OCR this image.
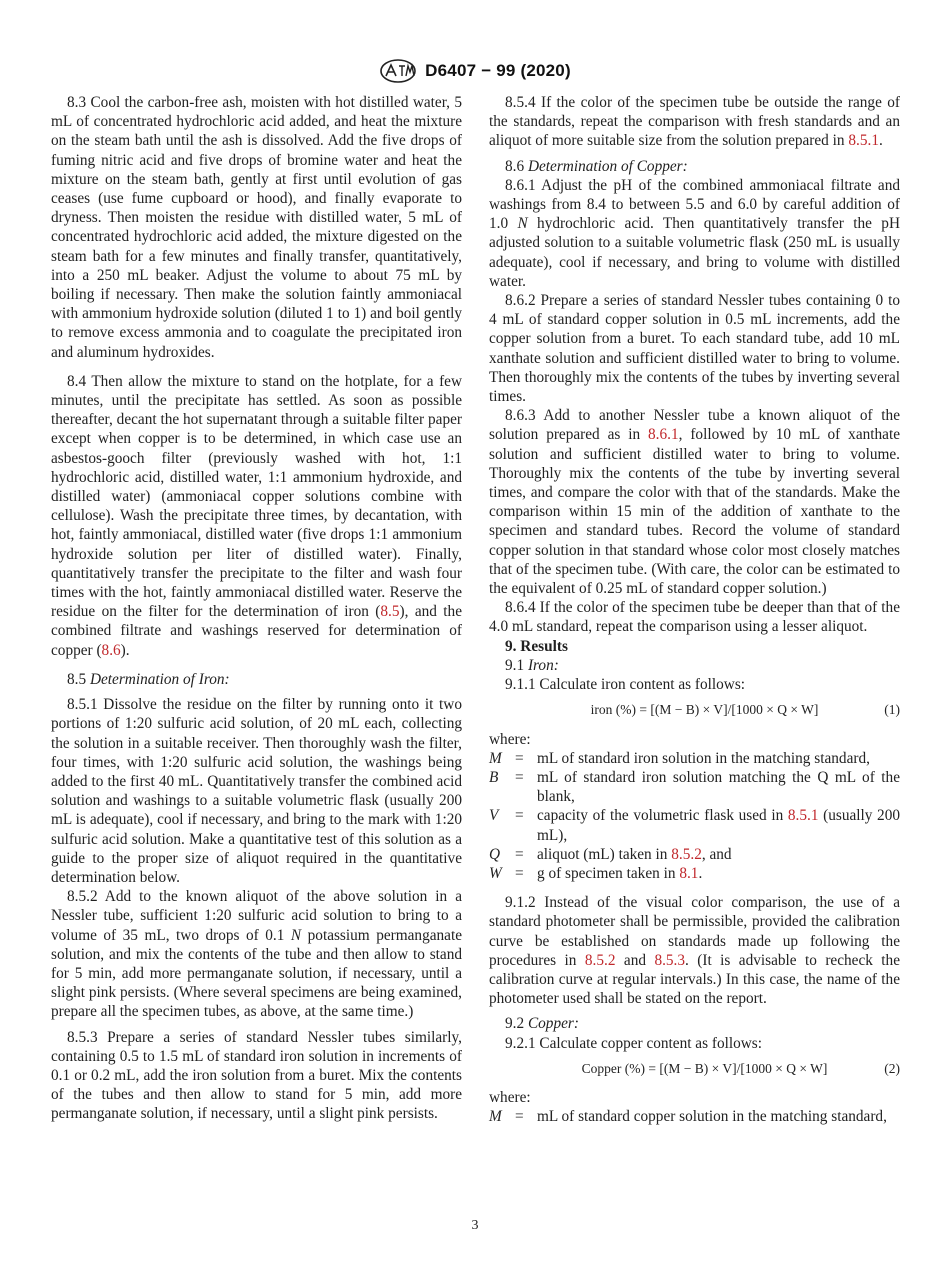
D6407 − 99 (2020)

8.3 Cool the carbon-free ash, moisten with hot distilled water, 5 mL of concentrated hydrochloric acid added, and heat the mixture on the steam bath until the ash is dissolved. Add the five drops of fuming nitric acid and five drops of bromine water and heat the mixture on the steam bath, gently at first until evolution of gas ceases (use fume cupboard or hood), and finally evaporate to dryness. Then moisten the residue with distilled water, 5 mL of concentrated hydrochloric acid added, the mixture digested on the steam bath for a few minutes and finally transfer, quantitatively, into a 250 mL beaker. Adjust the volume to about 75 mL by boiling if necessary. Then make the solution faintly ammoniacal with ammonium hydroxide solution (diluted 1 to 1) and boil gently to remove excess ammonia and to coagulate the precipitated iron and aluminum hydroxides.

8.4 Then allow the mixture to stand on the hotplate, for a few minutes, until the precipitate has settled. As soon as possible thereafter, decant the hot supernatant through a suitable filter paper except when copper is to be determined, in which case use an asbestos-gooch filter (previously washed with hot, 1:1 hydrochloric acid, distilled water, 1:1 ammonium hydroxide, and distilled water) (ammoniacal copper solutions combine with cellulose). Wash the precipitate three times, by decantation, with hot, faintly ammoniacal, distilled water (five drops 1:1 ammonium hydroxide solution per liter of distilled water). Finally, quantitatively transfer the precipitate to the filter and wash four times with the hot, faintly ammoniacal distilled water. Reserve the residue on the filter for the determination of iron (8.5), and the combined filtrate and washings reserved for determination of copper (8.6).

8.5 Determination of Iron:

8.5.1 Dissolve the residue on the filter by running onto it two portions of 1:20 sulfuric acid solution, of 20 mL each, collecting the solution in a suitable receiver. Then thoroughly wash the filter, four times, with 1:20 sulfuric acid solution, the washings being added to the first 40 mL. Quantitatively transfer the combined acid solution and washings to a suitable volumetric flask (usually 200 mL is adequate), cool if necessary, and bring to the mark with 1:20 sulfuric acid solution. Make a quantitative test of this solution as a guide to the proper size of aliquot required in the quantitative determination below.

8.5.2 Add to the known aliquot of the above solution in a Nessler tube, sufficient 1:20 sulfuric acid solution to bring to a volume of 35 mL, two drops of 0.1 N potassium permanganate solution, and mix the contents of the tube and then allow to stand for 5 min, add more permanganate solution, if necessary, until a slight pink persists. (Where several specimens are being examined, prepare all the specimen tubes, as above, at the same time.)

8.5.3 Prepare a series of standard Nessler tubes similarly, containing 0.5 to 1.5 mL of standard iron solution in increments of 0.1 or 0.2 mL, add the iron solution from a buret. Mix the contents of the tubes and then allow to stand for 5 min, add more permanganate solution, if necessary, until a slight pink persists.

8.5.4 If the color of the specimen tube be outside the range of the standards, repeat the comparison with fresh standards and an aliquot of more suitable size from the solution prepared in 8.5.1.

8.6 Determination of Copper:

8.6.1 Adjust the pH of the combined ammoniacal filtrate and washings from 8.4 to between 5.5 and 6.0 by careful addition of 1.0 N hydrochloric acid. Then quantitatively transfer the pH adjusted solution to a suitable volumetric flask (250 mL is usually adequate), cool if necessary, and bring to volume with distilled water.

8.6.2 Prepare a series of standard Nessler tubes containing 0 to 4 mL of standard copper solution in 0.5 mL increments, add the copper solution from a buret. To each standard tube, add 10 mL xanthate solution and sufficient distilled water to bring to volume. Then thoroughly mix the contents of the tubes by inverting several times.

8.6.3 Add to another Nessler tube a known aliquot of the solution prepared as in 8.6.1, followed by 10 mL of xanthate solution and sufficient distilled water to bring to volume. Thoroughly mix the contents of the tube by inverting several times, and compare the color with that of the standards. Make the comparison within 15 min of the addition of xanthate to the specimen and standard tubes. Record the volume of standard copper solution in that standard whose color most closely matches that of the specimen tube. (With care, the color can be estimated to the equivalent of 0.25 mL of standard copper solution.)

8.6.4 If the color of the specimen tube be deeper than that of the 4.0 mL standard, repeat the comparison using a lesser aliquot.

9. Results

9.1 Iron:

9.1.1 Calculate iron content as follows:

iron (%) = [(M − B) × V]/[1000 × Q × W]	(1)

where:

M = mL of standard iron solution in the matching standard,
B	= mL of standard iron solution matching the Q mL of the blank,
V	= capacity of the volumetric flask used in 8.5.1 (usually 200 mL),
Q = aliquot (mL) taken in 8.5.2, and
W = g of specimen taken in 8.1.

9.1.2 Instead of the visual color comparison, the use of a standard photometer shall be permissible, provided the calibration curve be established on standards made up following the procedures in 8.5.2 and 8.5.3. (It is advisable to recheck the calibration curve at regular intervals.) In this case, the name of the photometer used shall be stated on the report.

9.2 Copper:

9.2.1 Calculate copper content as follows:

Copper (%) = [(M − B) × V]/[1000 × Q × W]	(2)

where:

M = mL of standard copper solution in the matching standard,
3
